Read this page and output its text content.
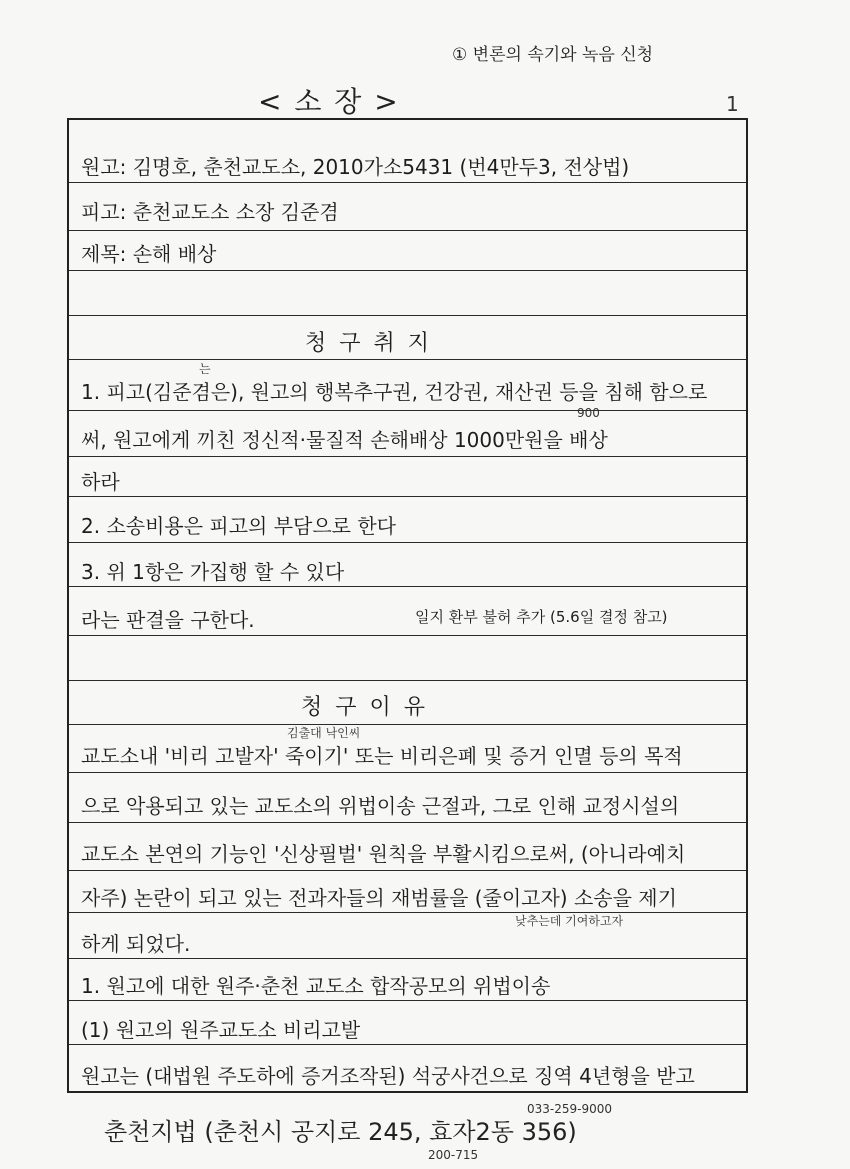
① 변론의 속기와 녹음 신청
< 소 장 >	1
원고: 김명호, 춘천교도소, 2010가소5431 (번4만두3, 전상법)
피고: 춘천교도소 소장 김준겸
제목: 손해 배상
청 구 취 지
는
1. 피고(김준겸은), 원고의 행복추구권, 건강권, 재산권 등을 침해 함으로
900
써, 원고에게 끼친 정신적·물질적 손해배상 1000만원을 배상
하라
2. 소송비용은 피고의 부담으로 한다
3. 위 1항은 가집행 할 수 있다
라는 판결을 구한다.	일지 환부 불허 추가 (5.6일 결정 참고)
청 구 이 유
김출대 낙인씨
교도소내 '비리 고발자' 죽이기' 또는 비리은폐 및 증거 인멸 등의 목적
으로 악용되고 있는 교도소의 위법이송 근절과, 그로 인해 교정시설의
교도소 본연의 기능인 '신상필벌' 원칙을 부활시킴으로써, (아니라예치
자주) 논란이 되고 있는 전과자들의 재범률을 (줄이고자) 소송을 제기
낮추는데 기여하고자
하게 되었다.
1. 원고에 대한 원주·춘천 교도소 합작공모의 위법이송
(1) 원고의 원주교도소 비리고발
원고는 (대법원 주도하에 증거조작된) 석궁사건으로 징역 4년형을 받고
033-259-9000
춘천지법 (춘천시 공지로 245, 효자2동 356)
200-715
